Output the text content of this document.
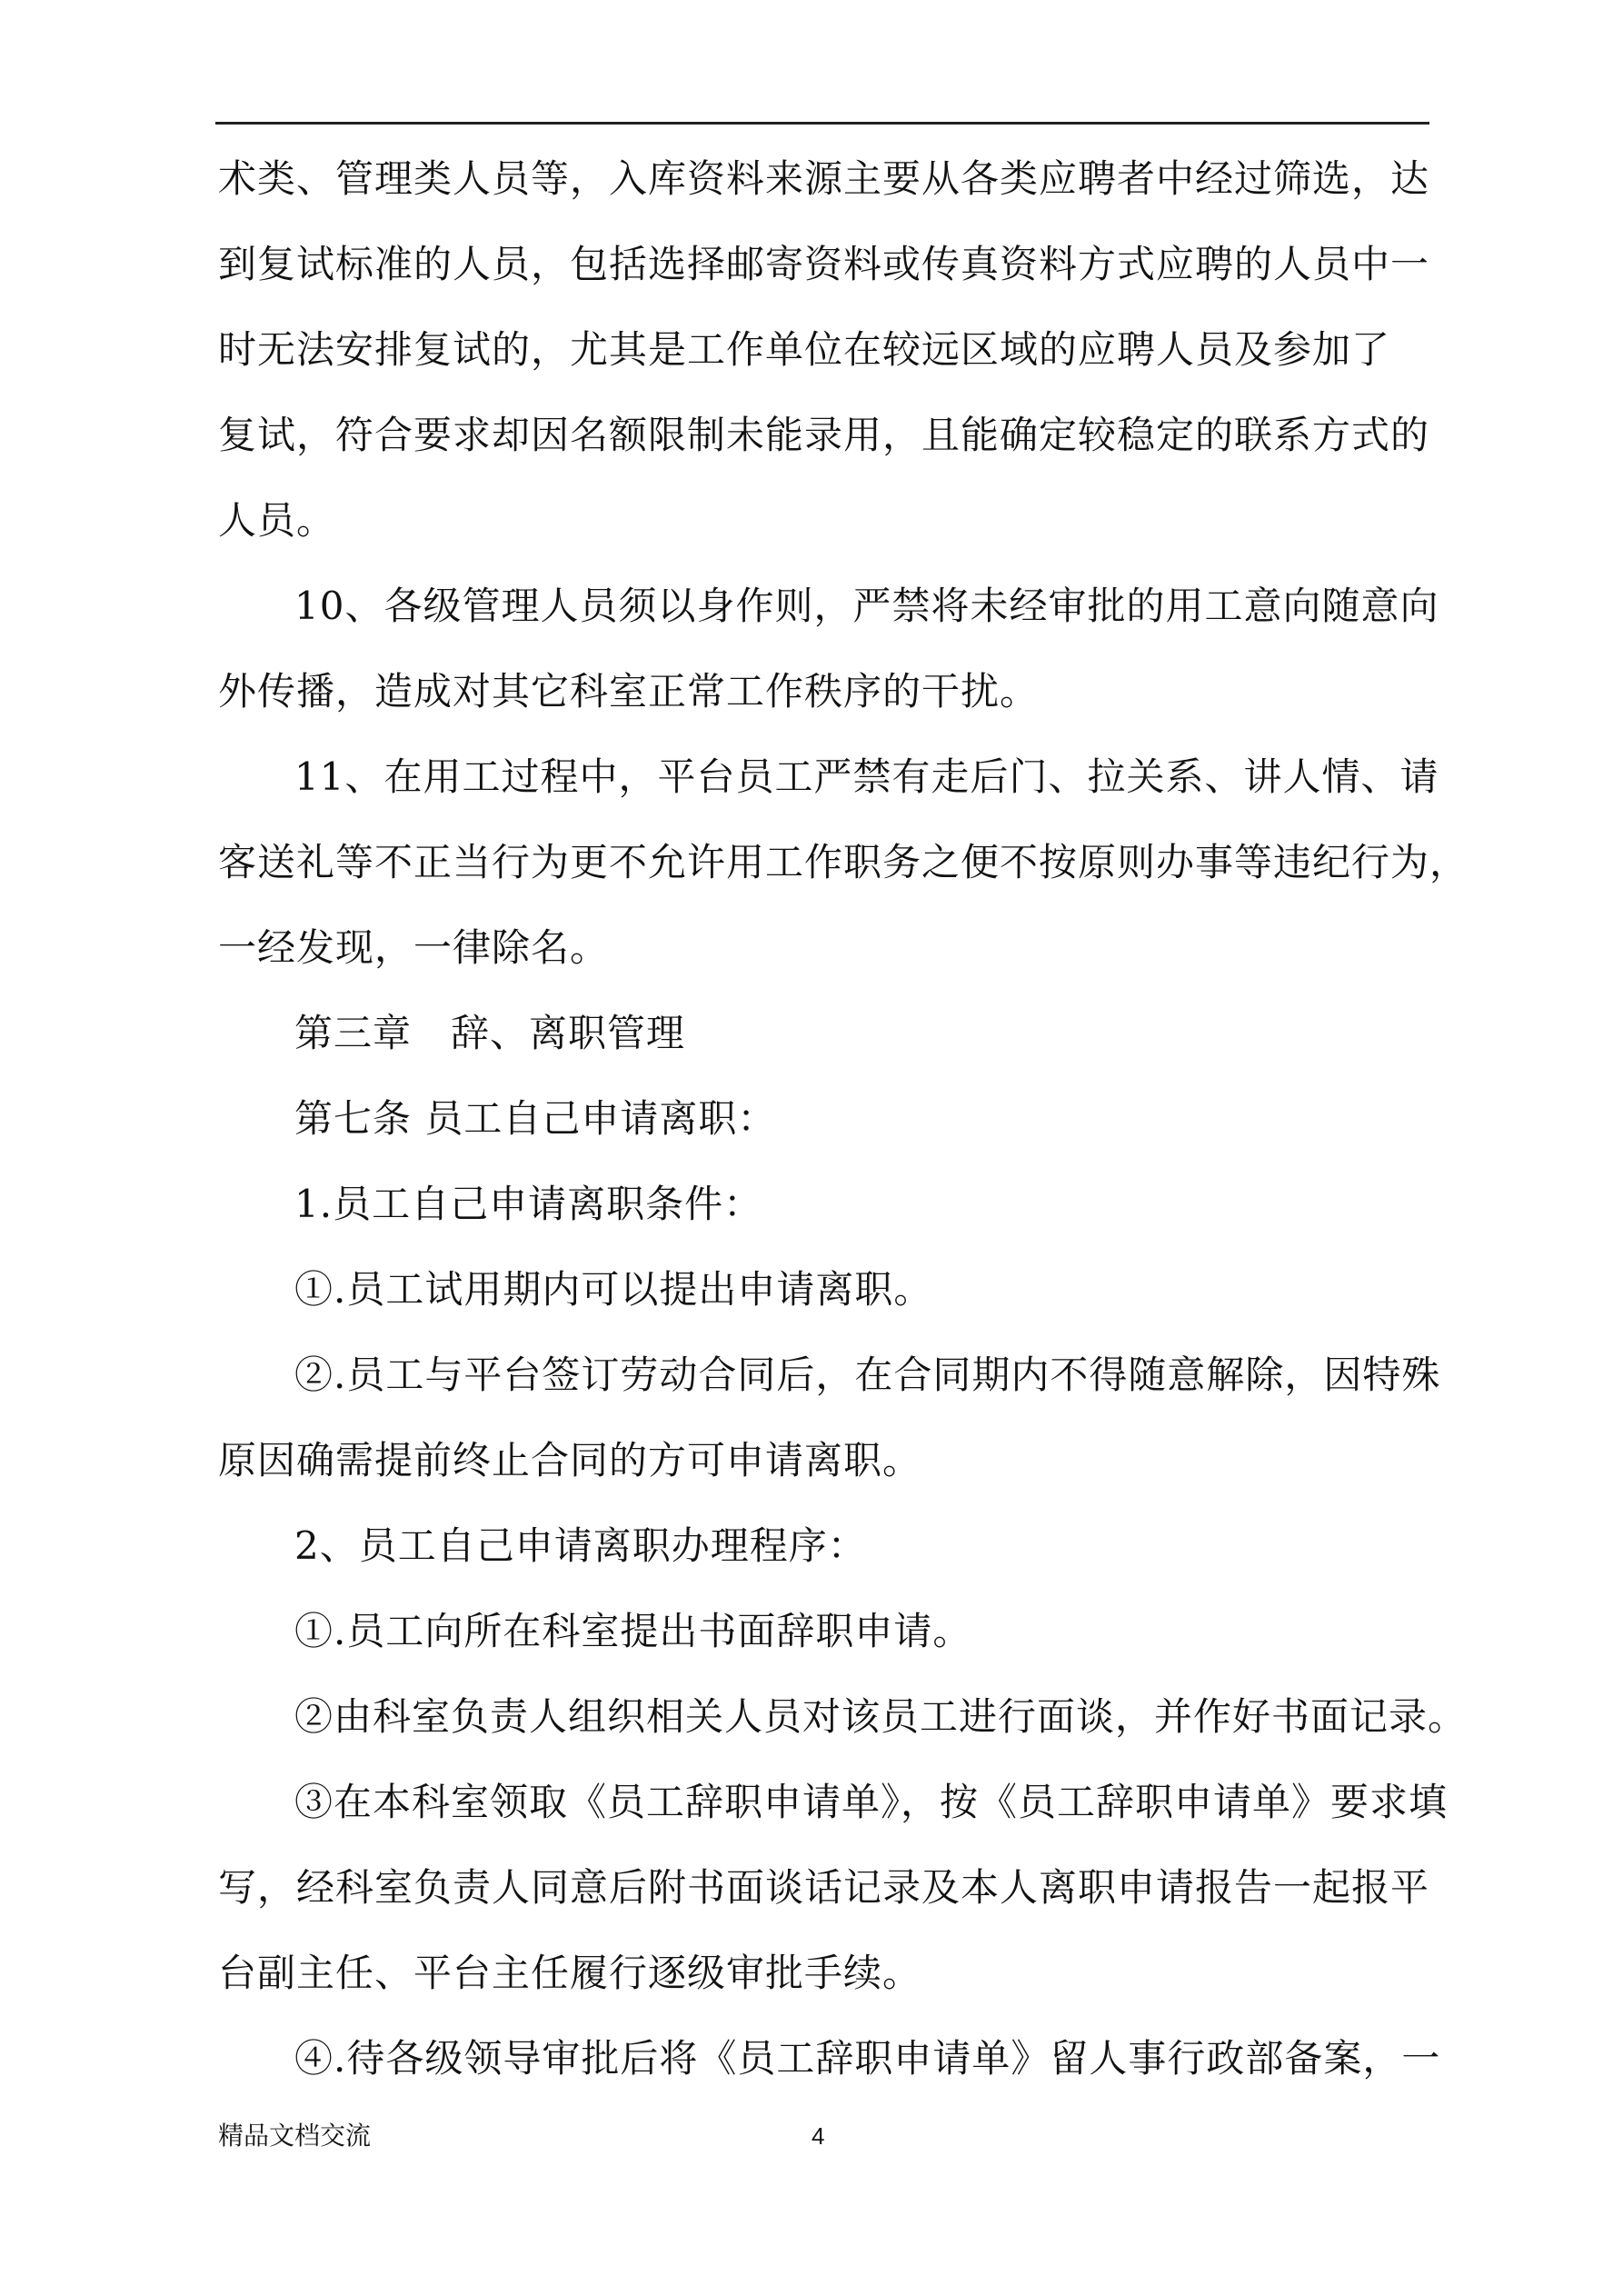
术类、管理类人员等，入库资料来源主要从各类应聘者中经过筛选，达
到复试标准的人员，包括选择邮寄资料或传真资料方式应聘的人员中一
时无法安排复试的，尤其是工作单位在较远区域的应聘人员及参加了
复试，符合要求却因名额限制未能录用，且能确定较稳定的联系方式的
人员。
10、各级管理人员须以身作则，严禁将未经审批的用工意向随意向
外传播，造成对其它科室正常工作秩序的干扰。
11、在用工过程中，平台员工严禁有走后门、拉关系、讲人情、请
客送礼等不正当行为更不允许用工作职务之便不按原则办事等违纪行为，
一经发现，一律除名。
第三章　辞、离职管理
第七条 员工自己申请离职：
1.员工自己申请离职条件：
①.员工试用期内可以提出申请离职。
②.员工与平台签订劳动合同后，在合同期内不得随意解除，因特殊
原因确需提前终止合同的方可申请离职。
2、员工自己申请离职办理程序：
①.员工向所在科室提出书面辞职申请。
②由科室负责人组织相关人员对该员工进行面谈，并作好书面记录。
③在本科室领取《员工辞职申请单》，按《员工辞职申请单》要求填
写，经科室负责人同意后附书面谈话记录及本人离职申请报告一起报平
台副主任、平台主任履行逐级审批手续。
④.待各级领导审批后将《员工辞职申请单》留人事行政部备案，一
精品文档交流	4
